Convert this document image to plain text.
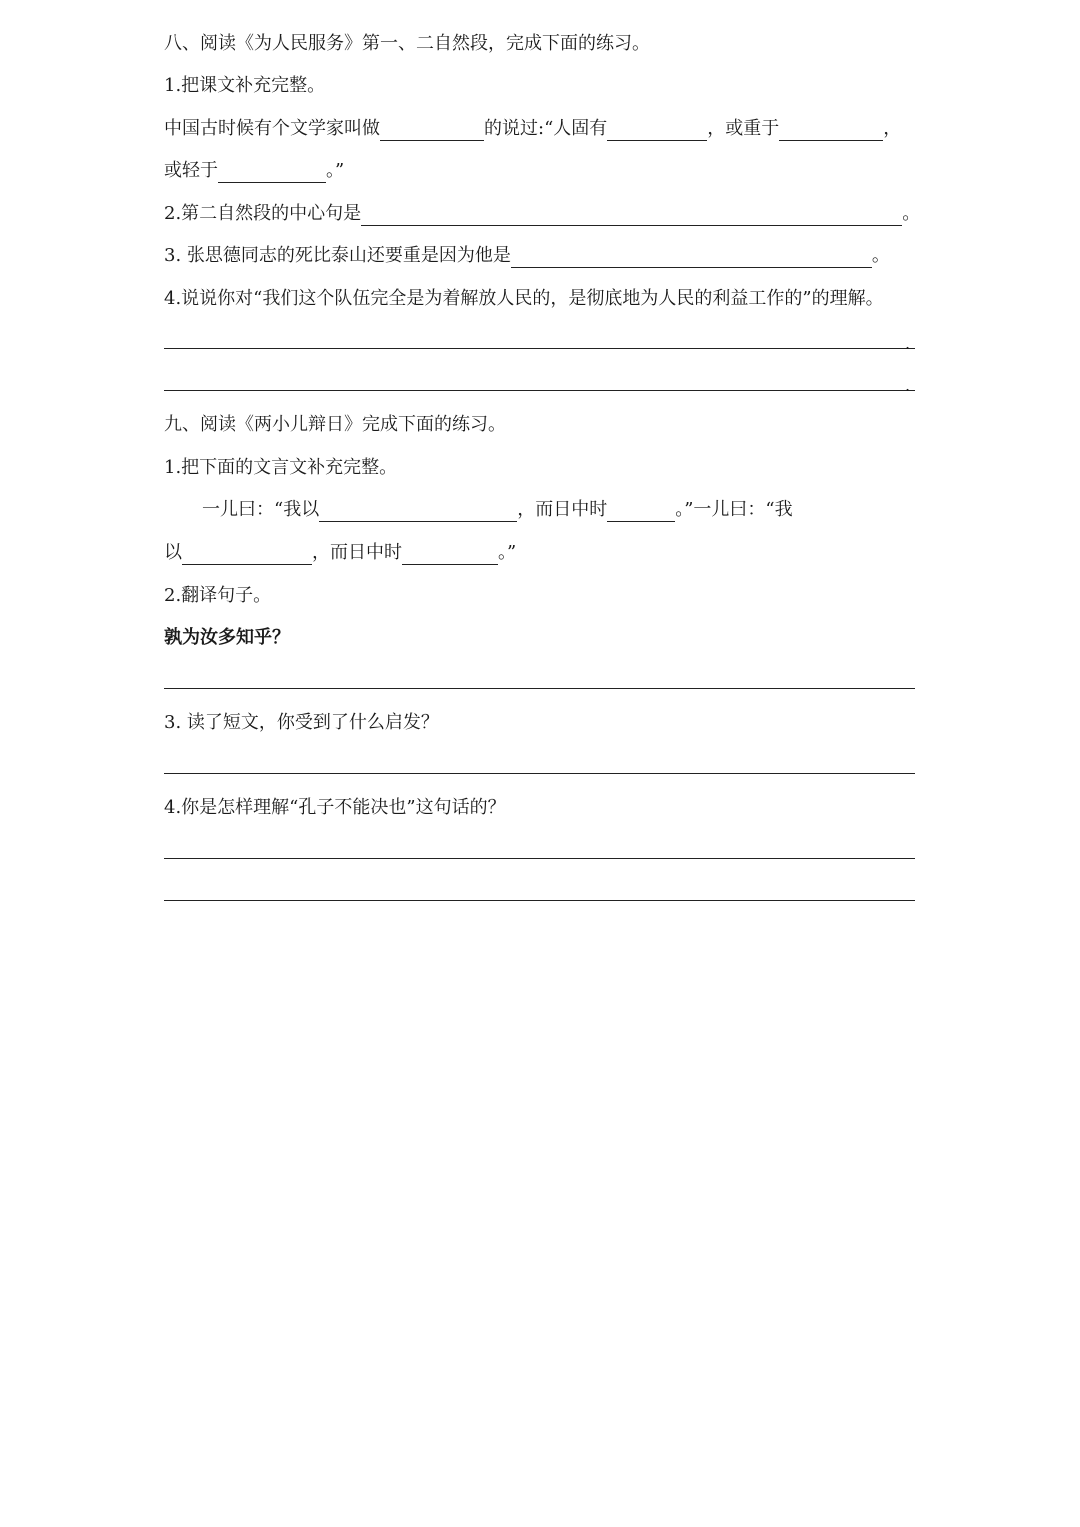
八、阅读《为人民服务》第一、二自然段，完成下面的练习。
1.把课文补充完整。
中国古时候有个文学家叫做	的说过:“人固有	，或重于	，
或轻于	。”
2.第二自然段的中心句是	。
3. 张思德同志的死比泰山还要重是因为他是	。
4.说说你对“我们这个队伍完全是为着解放人民的，是彻底地为人民的利益工作的”的理解。
.
.
九、阅读《两小儿辩日》完成下面的练习。
1.把下面的文言文补充完整。
一儿曰：“我以	，而日中时	。”一儿曰：“我
以	，而日中时	。”
2.翻译句子。
孰为汝多知乎？
3. 读了短文，你受到了什么启发？
4.你是怎样理解“孔子不能决也”这句话的？
